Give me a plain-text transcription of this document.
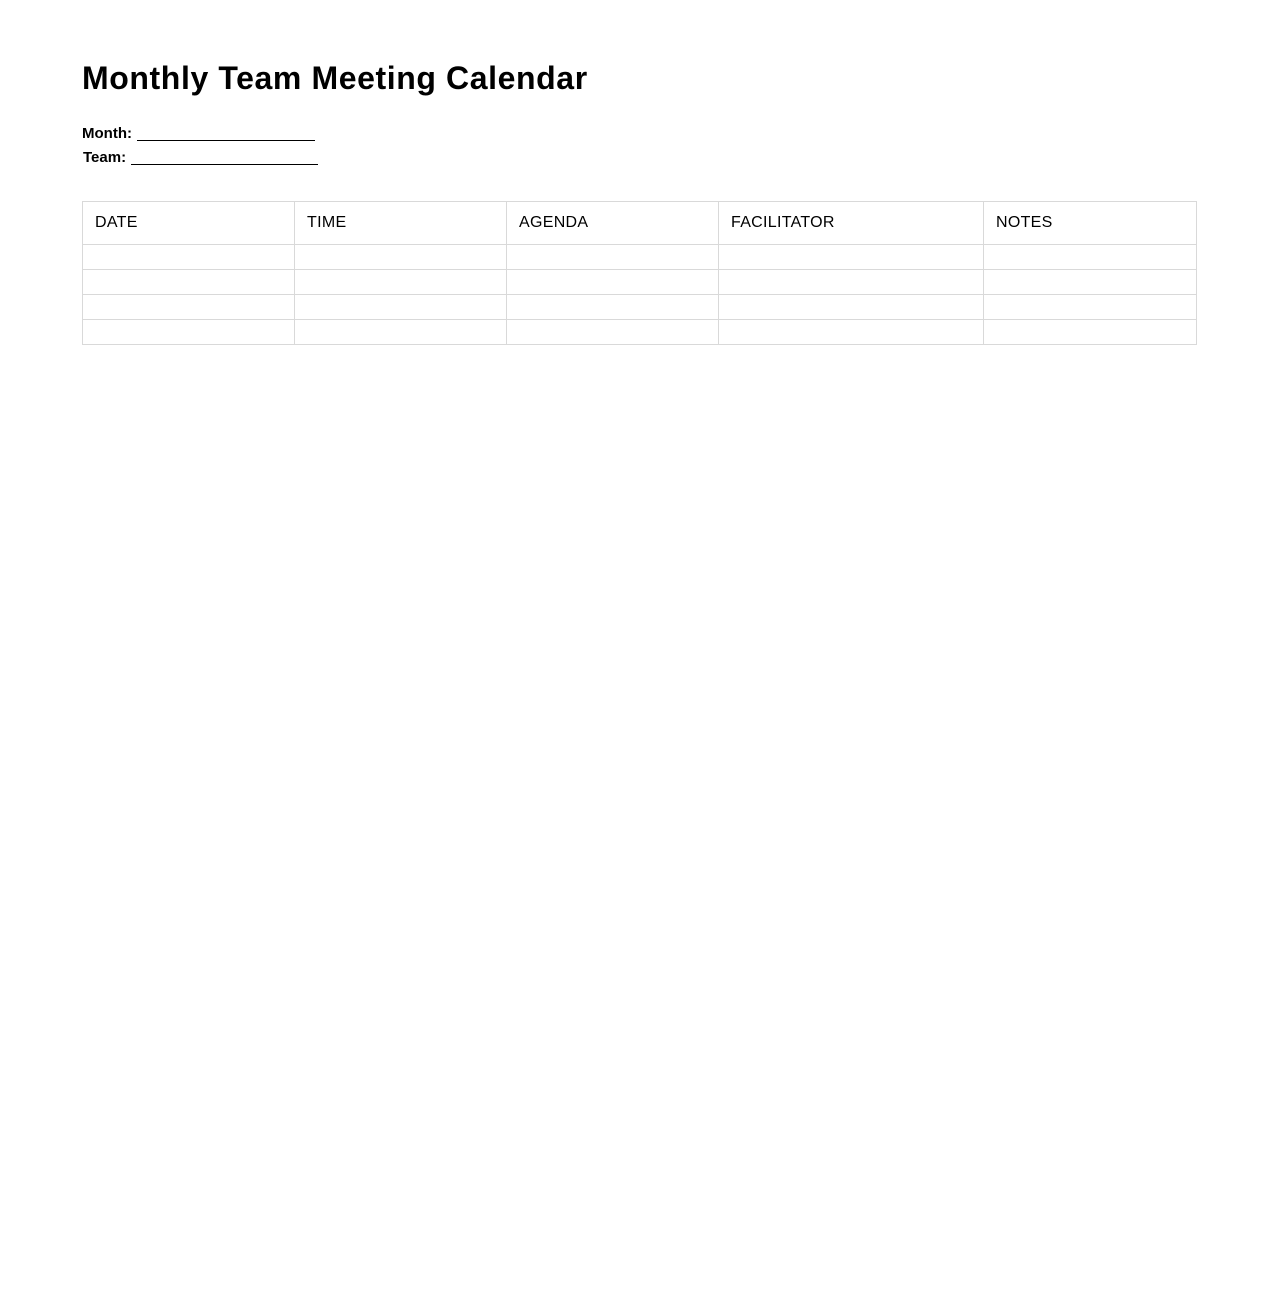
Monthly Team Meeting Calendar
Month:
Team:
DATE	TIME	AGENDA	FACILITATOR	NOTES
